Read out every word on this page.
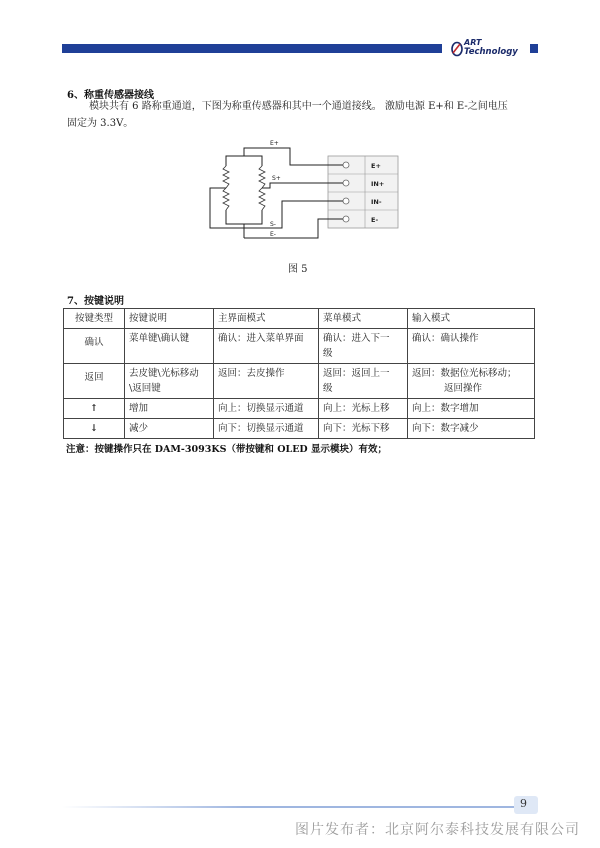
ART
Technology
6、称重传感器接线
模块共有 6 路称重通道，下图为称重传感器和其中一个通道接线。 激励电源 E+和 E-之间电压
固定为 3.3V。
E+
IN+
IN-
E-
E+
S+
S-
E-
图 5
7、按键说明
按键类型	按键说明	主界面模式	菜单模式	输入模式
确认	菜单键\确认键	确认：进入菜单界面	确认：进入下一
级	确认：确认操作
返回	去皮键\光标移动
\返回键	返回：去皮操作	返回：返回上一
级	返回：数据位光标移动；
返回操作
↑	增加	向上：切换显示通道	向上：光标上移	向上：数字增加
↓	减少	向下：切换显示通道	向下：光标下移	向下：数字减少
注意：按键操作只在 DAM-3093KS（带按键和 OLED 显示模块）有效；
9
图片发布者：北京阿尔泰科技发展有限公司
